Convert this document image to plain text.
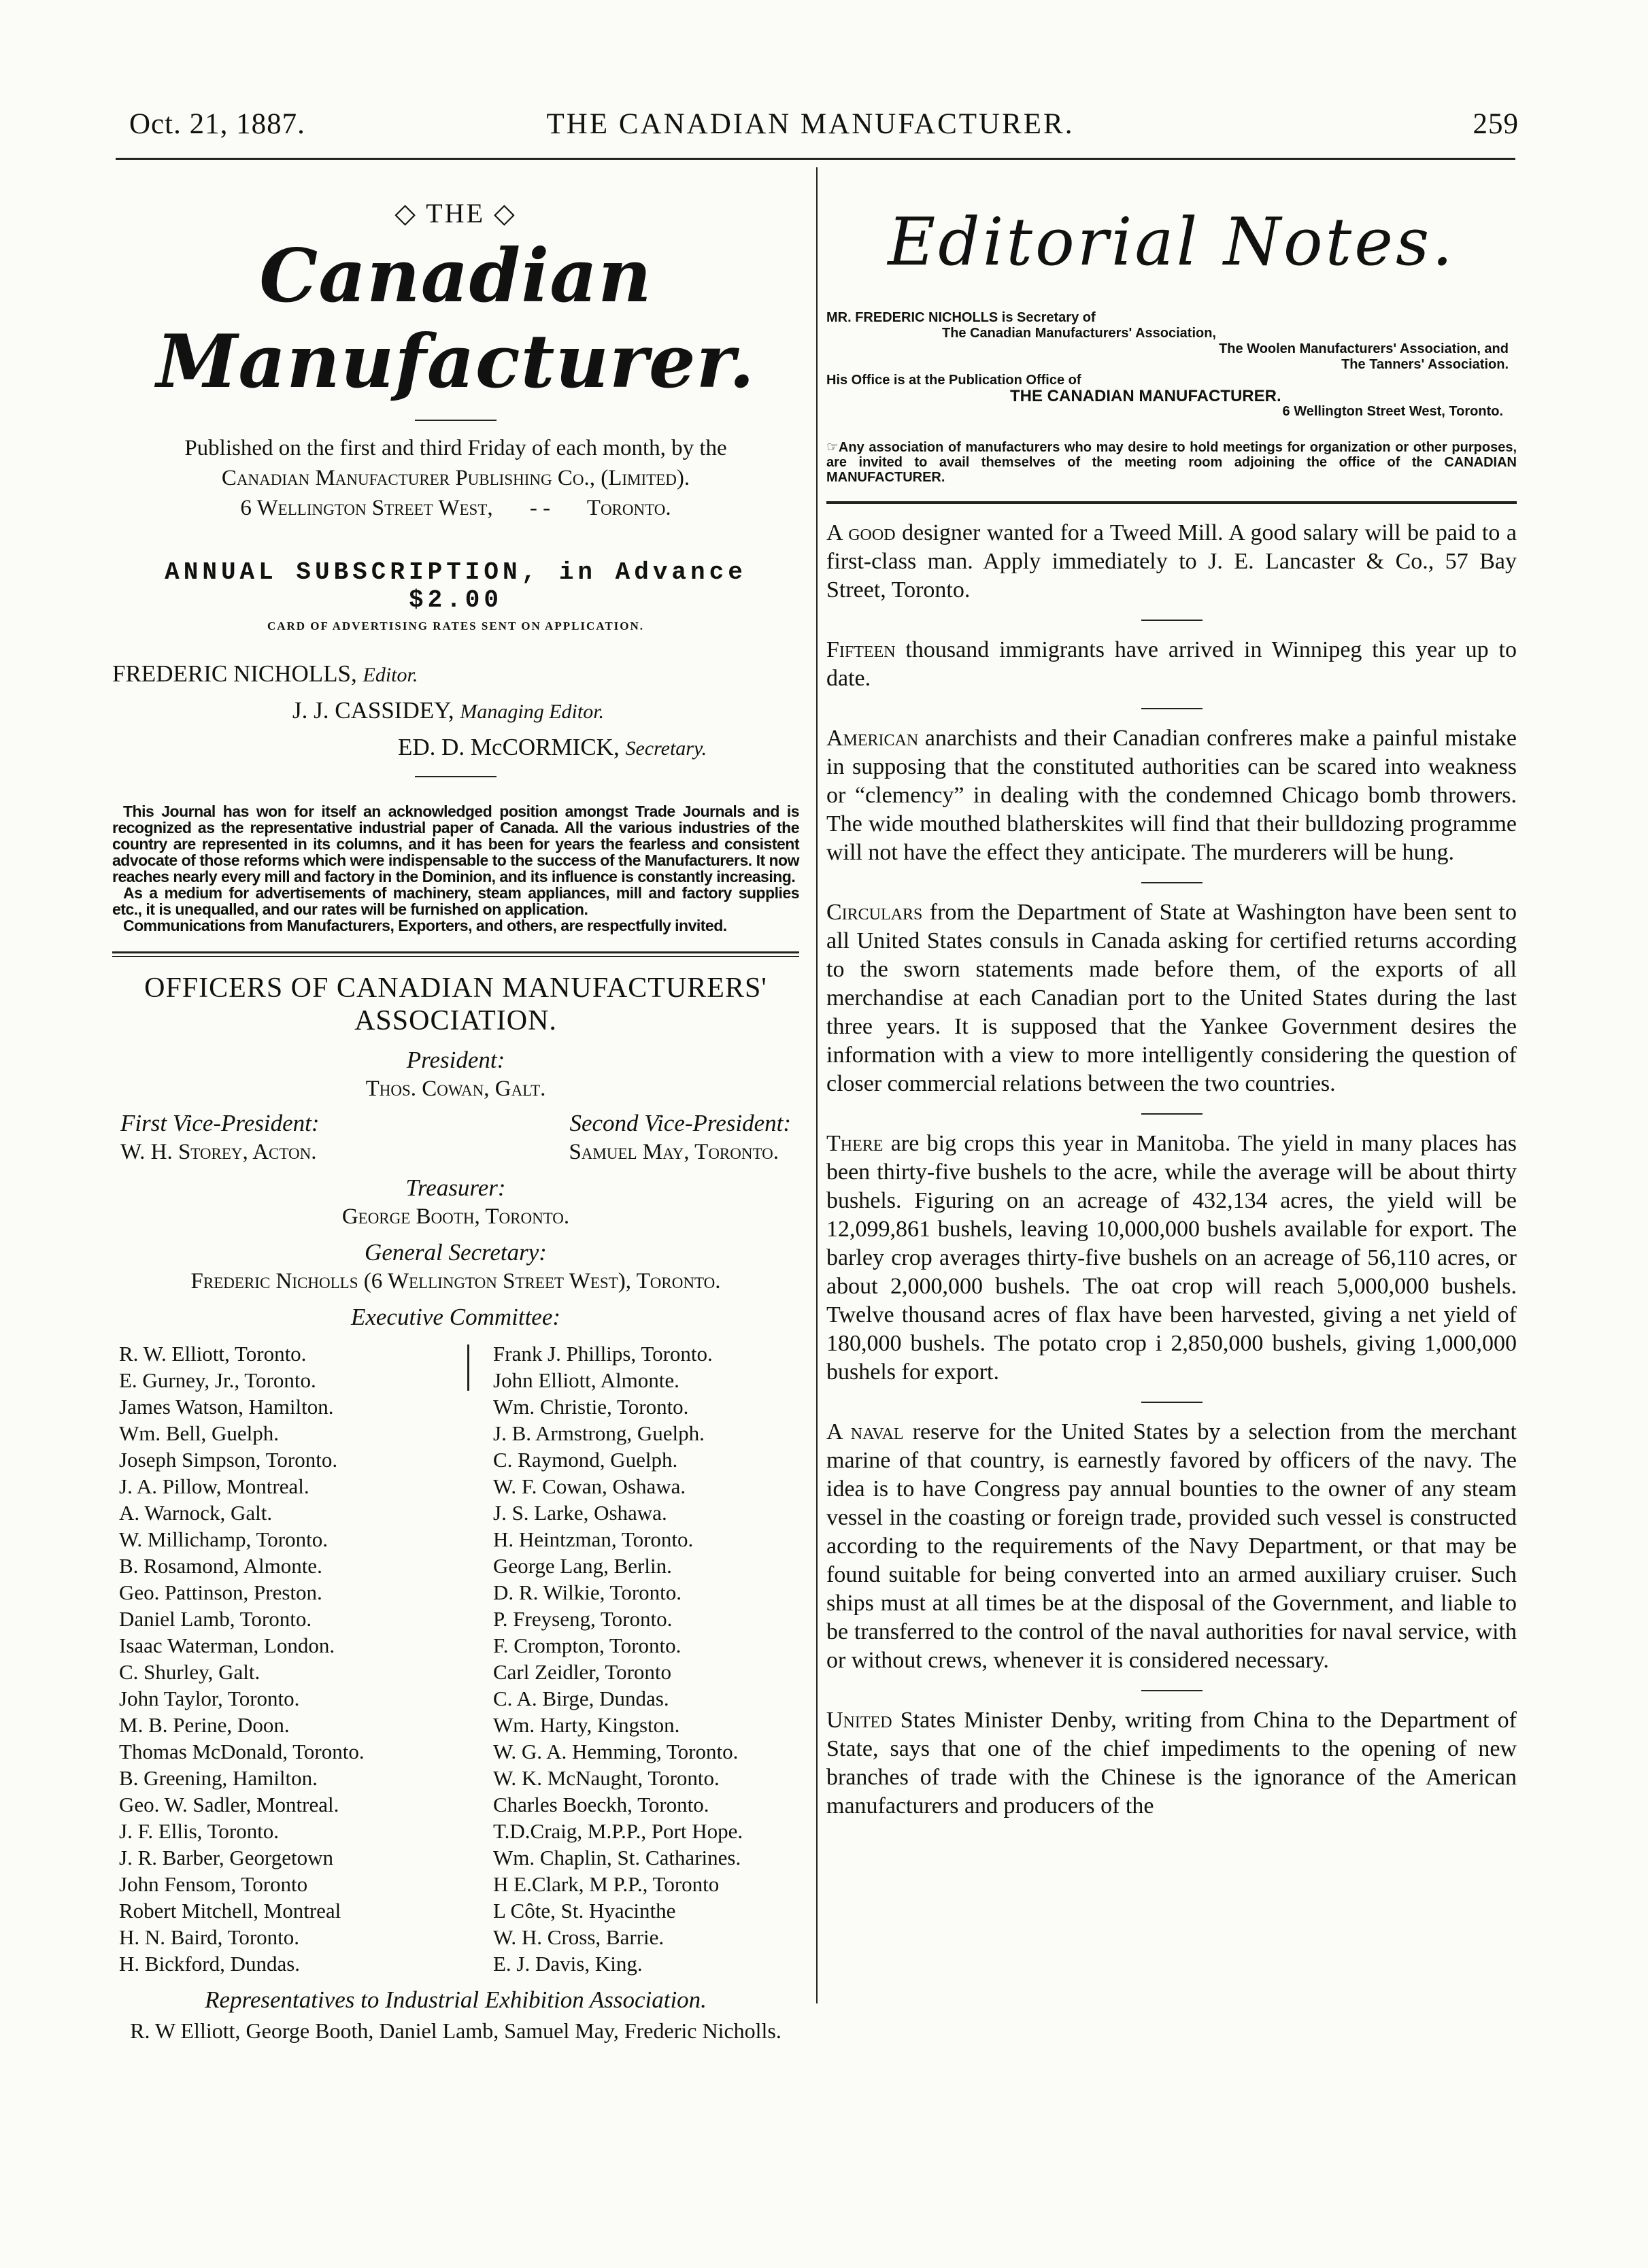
Oct. 21, 1887.	THE CANADIAN MANUFACTURER.	259
◇ THE ◇
Canadian Manufacturer.
Published on the first and third Friday of each month, by the
Canadian Manufacturer Publishing Co., (Limited).
6 Wellington Street West, - - Toronto.
ANNUAL SUBSCRIPTION, in Advance $2.00
CARD OF ADVERTISING RATES SENT ON APPLICATION.
FREDERIC NICHOLLS, Editor.
J. J. CASSIDEY, Managing Editor.
ED. D. McCORMICK, Secretary.

This Journal has won for itself an acknowledged position amongst Trade Journals and is recognized as the representative industrial paper of Canada. All the various industries of the country are represented in its columns, and it has been for years the fearless and consistent advocate of those reforms which were indispensable to the success of the Manufacturers. It now reaches nearly every mill and factory in the Dominion, and its influence is constantly increasing.

As a medium for advertisements of machinery, steam appliances, mill and factory supplies etc., it is unequalled, and our rates will be furnished on application.

Communications from Manufacturers, Exporters, and others, are respectfully invited.

OFFICERS OF CANADIAN MANUFACTURERS' ASSOCIATION.
President:
Thos. Cowan, Galt.
First Vice-President:	Second Vice-President:
W. H. Storey, Acton.	Samuel May, Toronto.
Treasurer:
George Booth, Toronto.
General Secretary:
Frederic Nicholls (6 Wellington Street West), Toronto.
Executive Committee:
R. W. Elliott, Toronto.
E. Gurney, Jr., Toronto.
James Watson, Hamilton.
Wm. Bell, Guelph.
Joseph Simpson, Toronto.
J. A. Pillow, Montreal.
A. Warnock, Galt.
W. Millichamp, Toronto.
B. Rosamond, Almonte.
Geo. Pattinson, Preston.
Daniel Lamb, Toronto.
Isaac Waterman, London.
C. Shurley, Galt.
John Taylor, Toronto.
M. B. Perine, Doon.
Thomas McDonald, Toronto.
B. Greening, Hamilton.
Geo. W. Sadler, Montreal.
J. F. Ellis, Toronto.
J. R. Barber, Georgetown
John Fensom, Toronto
Robert Mitchell, Montreal
H. N. Baird, Toronto.
H. Bickford, Dundas.
Frank J. Phillips, Toronto.
John Elliott, Almonte.
Wm. Christie, Toronto.
J. B. Armstrong, Guelph.
C. Raymond, Guelph.
W. F. Cowan, Oshawa.
J. S. Larke, Oshawa.
H. Heintzman, Toronto.
George Lang, Berlin.
D. R. Wilkie, Toronto.
P. Freyseng, Toronto.
F. Crompton, Toronto.
Carl Zeidler, Toronto
C. A. Birge, Dundas.
Wm. Harty, Kingston.
W. G. A. Hemming, Toronto.
W. K. McNaught, Toronto.
Charles Boeckh, Toronto.
T.D.Craig, M.P.P., Port Hope.
Wm. Chaplin, St. Catharines.
H E.Clark, M P.P., Toronto
L Côte, St. Hyacinthe
W. H. Cross, Barrie.
E. J. Davis, King.
Representatives to Industrial Exhibition Association.
R. W Elliott, George Booth, Daniel Lamb, Samuel May, Frederic Nicholls.
Editorial Notes.
MR. FREDERIC NICHOLLS is Secretary of
The Canadian Manufacturers' Association,
The Woolen Manufacturers' Association, and
The Tanners' Association.
His Office is at the Publication Office of
THE CANADIAN MANUFACTURER.
6 Wellington Street West, Toronto.
☞Any association of manufacturers who may desire to hold meetings for organization or other purposes, are invited to avail themselves of the meeting room adjoining the office of the CANADIAN MANUFACTURER.
A good designer wanted for a Tweed Mill. A good salary will be paid to a first-class man. Apply immediately to J. E. Lancaster & Co., 57 Bay Street, Toronto.
Fifteen thousand immigrants have arrived in Winnipeg this year up to date.
American anarchists and their Canadian confreres make a painful mistake in supposing that the constituted authorities can be scared into weakness or “clemency” in dealing with the condemned Chicago bomb throwers. The wide mouthed blatherskites will find that their bulldozing programme will not have the effect they anticipate. The murderers will be hung.
Circulars from the Department of State at Washington have been sent to all United States consuls in Canada asking for certified returns according to the sworn statements made before them, of the exports of all merchandise at each Canadian port to the United States during the last three years. It is supposed that the Yankee Government desires the information with a view to more intelligently considering the question of closer commercial relations between the two countries.
There are big crops this year in Manitoba. The yield in many places has been thirty-five bushels to the acre, while the average will be about thirty bushels. Figuring on an acreage of 432,134 acres, the yield will be 12,099,861 bushels, leaving 10,000,000 bushels available for export. The barley crop averages thirty-five bushels on an acreage of 56,110 acres, or about 2,000,000 bushels. The oat crop will reach 5,000,000 bushels. Twelve thousand acres of flax have been harvested, giving a net yield of 180,000 bushels. The potato crop i 2,850,000 bushels, giving 1,000,000 bushels for export.
A naval reserve for the United States by a selection from the merchant marine of that country, is earnestly favored by officers of the navy. The idea is to have Congress pay annual bounties to the owner of any steam vessel in the coasting or foreign trade, provided such vessel is constructed according to the requirements of the Navy Department, or that may be found suitable for being converted into an armed auxiliary cruiser. Such ships must at all times be at the disposal of the Government, and liable to be transferred to the control of the naval authorities for naval service, with or without crews, whenever it is considered necessary.
United States Minister Denby, writing from China to the Department of State, says that one of the chief impediments to the opening of new branches of trade with the Chinese is the ignorance of the American manufacturers and producers of the
